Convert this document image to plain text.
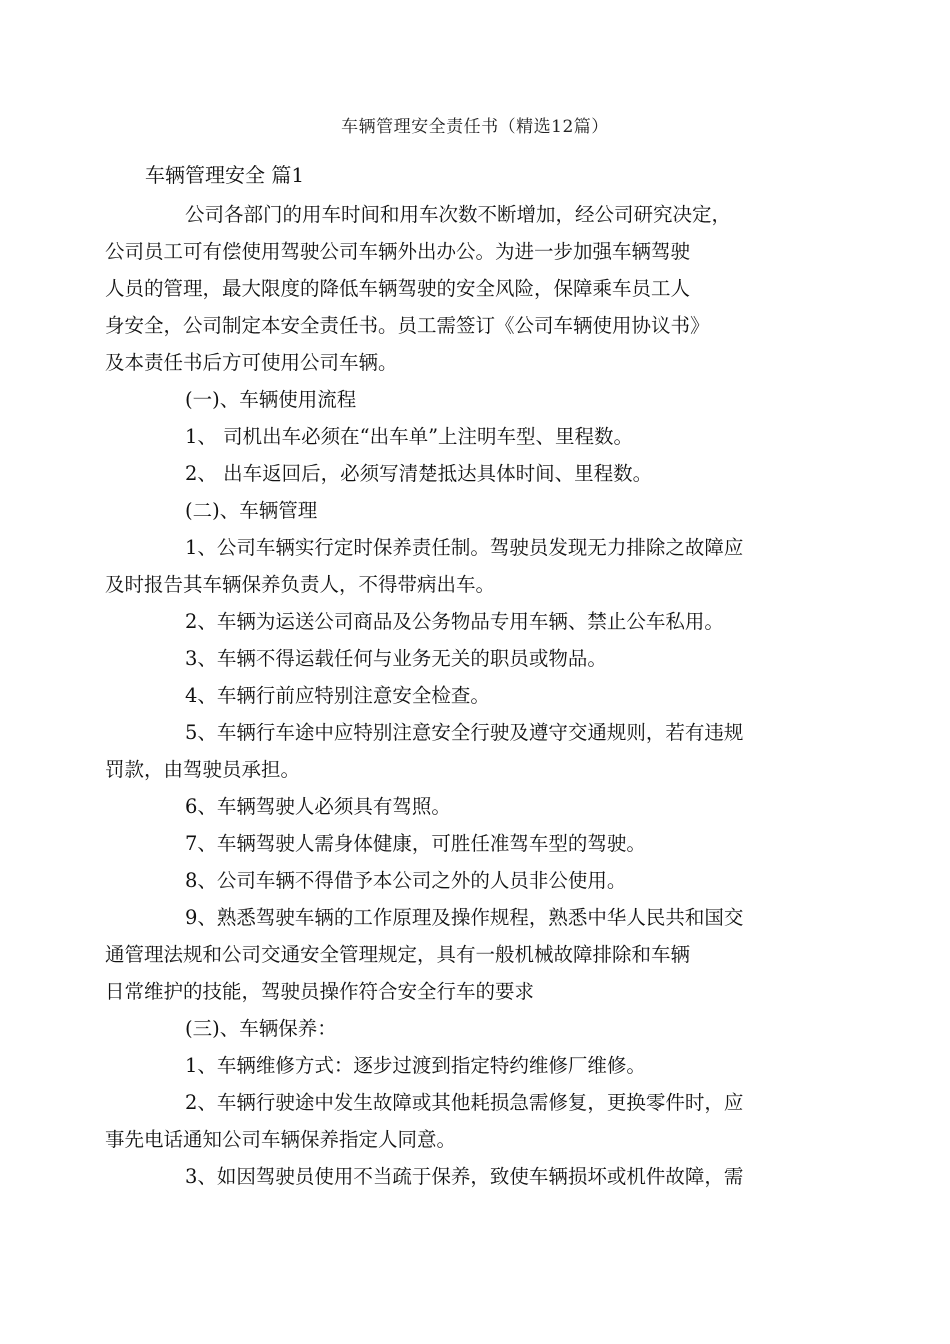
车辆管理安全责任书（精选12篇）
车辆管理安全 篇1

公司各部门的用车时间和用车次数不断增加，经公司研究决定，
公司员工可有偿使用驾驶公司车辆外出办公。为进一步加强车辆驾驶
人员的管理，最大限度的降低车辆驾驶的安全风险，保障乘车员工人
身安全，公司制定本安全责任书。员工需签订《公司车辆使用协议书》
及本责任书后方可使用公司车辆。

(一)、车辆使用流程

1、 司机出车必须在“出车单”上注明车型、里程数。

2、 出车返回后，必须写清楚抵达具体时间、里程数。

(二)、车辆管理

1、公司车辆实行定时保养责任制。驾驶员发现无力排除之故障应
及时报告其车辆保养负责人，不得带病出车。

2、车辆为运送公司商品及公务物品专用车辆、禁止公车私用。

3、车辆不得运载任何与业务无关的职员或物品。

4、车辆行前应特别注意安全检查。

5、车辆行车途中应特别注意安全行驶及遵守交通规则，若有违规
罚款，由驾驶员承担。

6、车辆驾驶人必须具有驾照。

7、车辆驾驶人需身体健康，可胜任准驾车型的驾驶。

8、公司车辆不得借予本公司之外的人员非公使用。

9、熟悉驾驶车辆的工作原理及操作规程，熟悉中华人民共和国交
通管理法规和公司交通安全管理规定，具有一般机械故障排除和车辆
日常维护的技能，驾驶员操作符合安全行车的要求

(三)、车辆保养：

1、车辆维修方式：逐步过渡到指定特约维修厂维修。

2、车辆行驶途中发生故障或其他耗损急需修复，更换零件时，应
事先电话通知公司车辆保养指定人同意。

3、如因驾驶员使用不当疏于保养，致使车辆损坏或机件故障，需
